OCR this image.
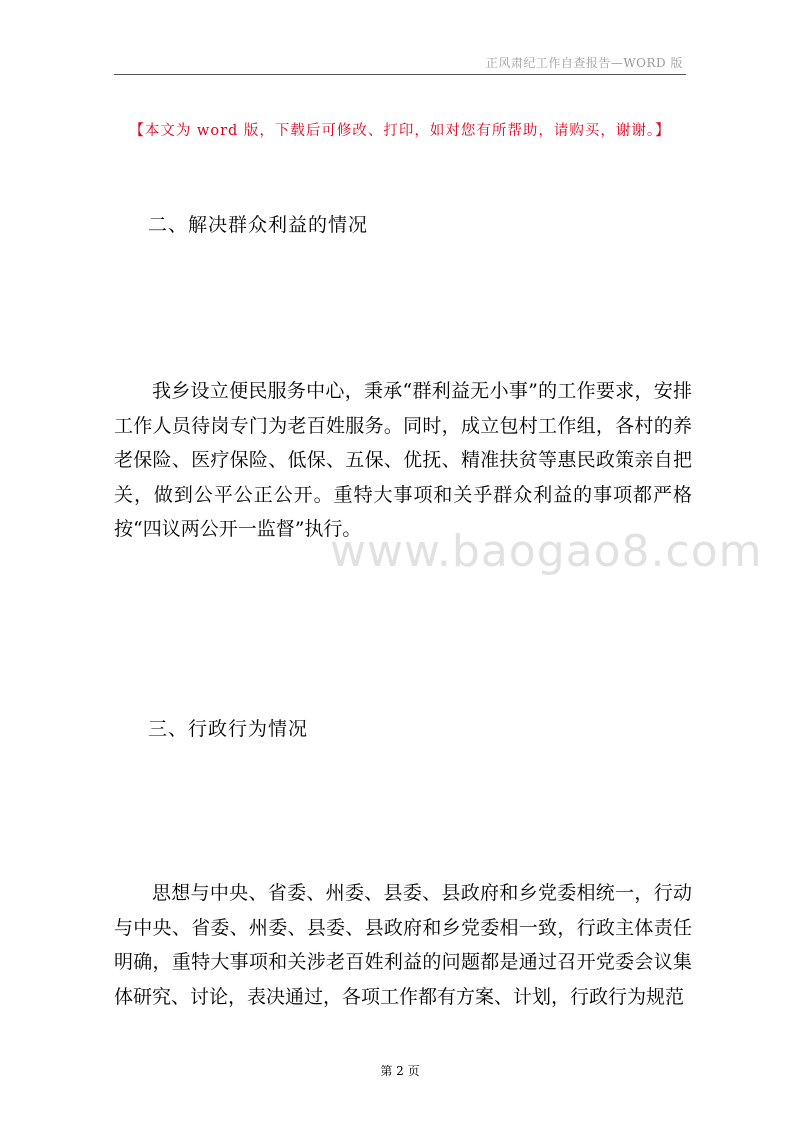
正风肃纪工作自查报告—WORD 版
【本文为 word 版，下载后可修改、打印，如对您有所帮助，请购买，谢谢。】
二、解决群众利益的情况

我乡设立便民服务中心，秉承“群利益无小事”的工作要求，安排工作人员待岗专门为老百姓服务。同时，成立包村工作组，各村的养老保险、医疗保险、低保、五保、优抚、精准扶贫等惠民政策亲自把关，做到公平公正公开。重特大事项和关乎群众利益的事项都严格按“四议两公开一监督”执行。

www.baogao8.com
三、行政行为情况

思想与中央、省委、州委、县委、县政府和乡党委相统一，行动与中央、省委、州委、县委、县政府和乡党委相一致，行政主体责任明确，重特大事项和关涉老百姓利益的问题都是通过召开党委会议集体研究、讨论，表决通过，各项工作都有方案、计划，行政行为规范

第 2 页
